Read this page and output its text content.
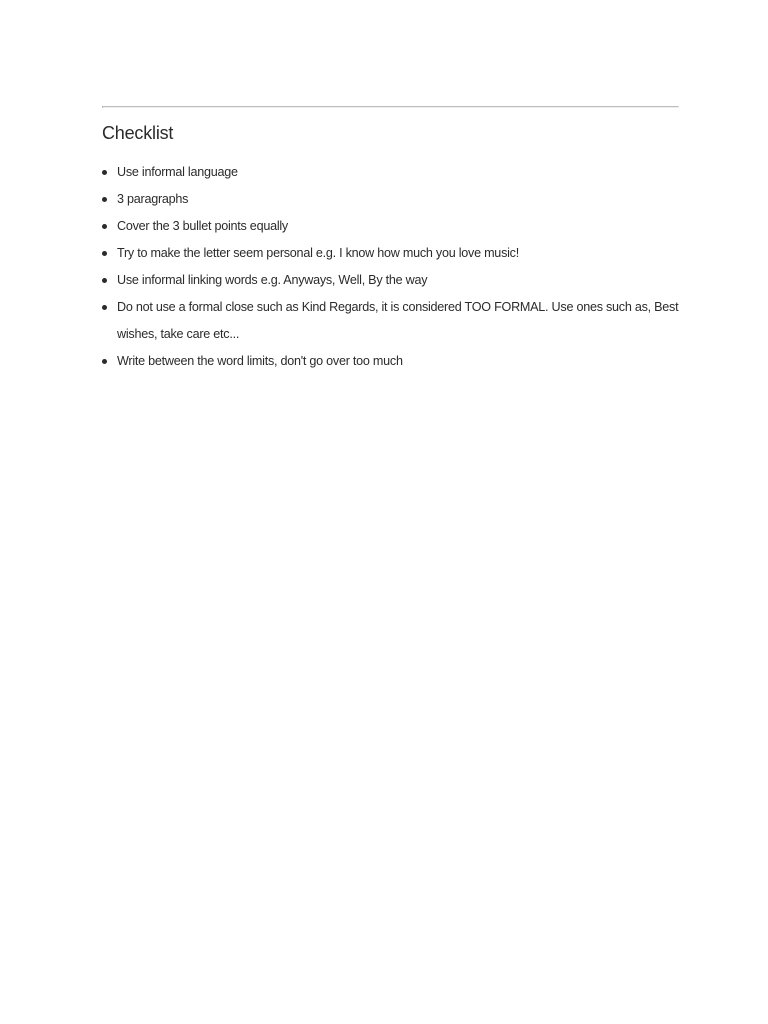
Checklist
Use informal language
3 paragraphs
Cover the 3 bullet points equally
Try to make the letter seem personal e.g. I know how much you love music!
Use informal linking words e.g. Anyways, Well, By the way
Do not use a formal close such as Kind Regards, it is considered TOO FORMAL. Use ones such as, Best wishes, take care etc...
Write between the word limits, don't go over too much
